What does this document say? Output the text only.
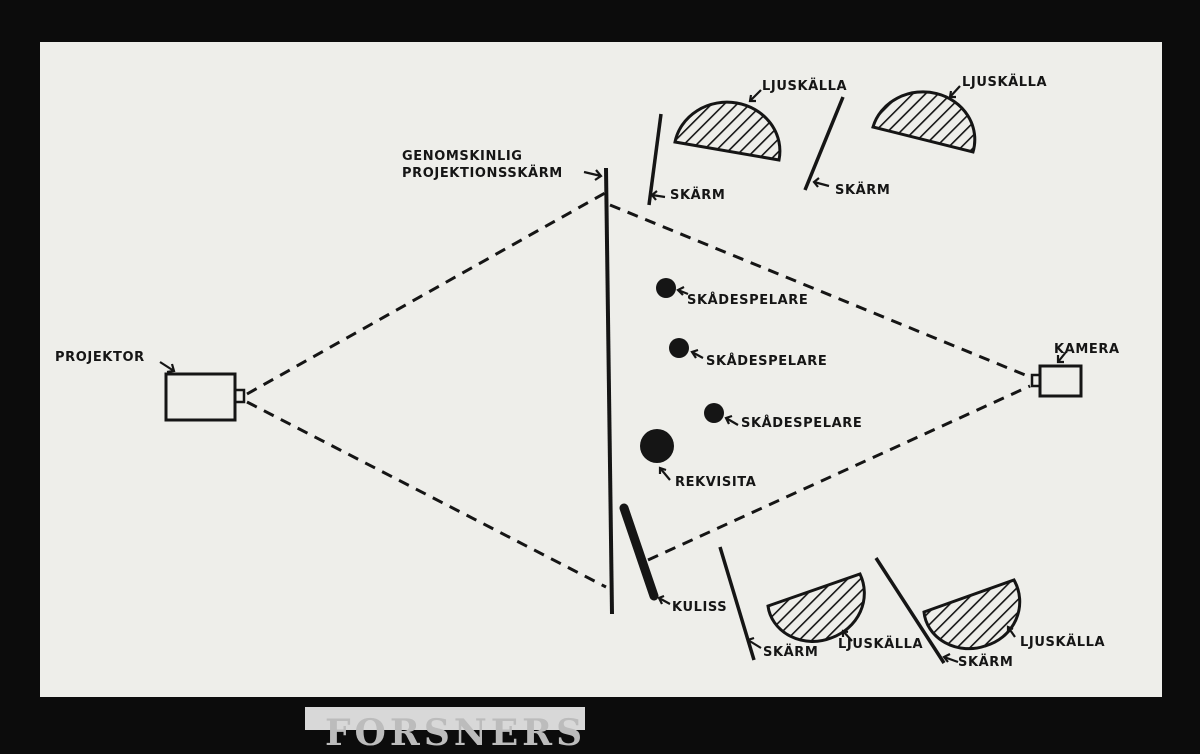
PROJEKTOR
GENOMSKINLIG
PROJEKTIONSSKÄRM
KAMERA
SKÅDESPELARE
SKÅDESPELARE
SKÅDESPELARE
REKVISITA
KULISS
LJUSKÄLLA	LJUSKÄLLA
SKÄRM	SKÄRM
SKÄRM
LJUSKÄLLA
SKÄRM
LJUSKÄLLA
FORSNERS
